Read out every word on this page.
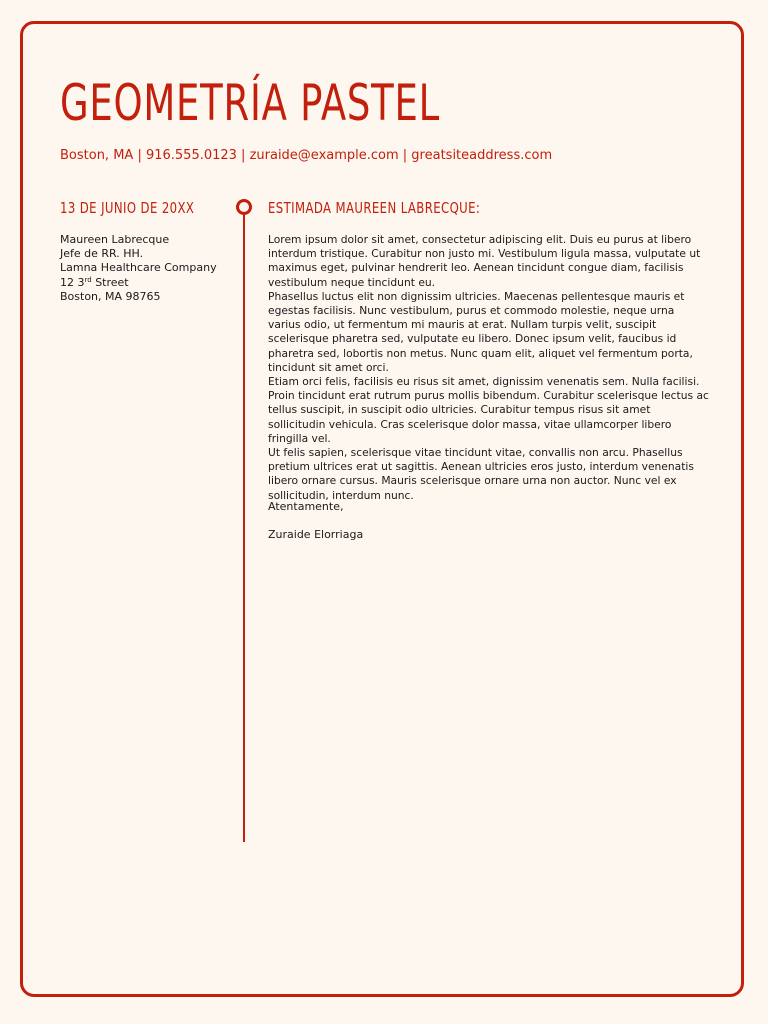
GEOMETRÍA PASTEL
Boston, MA | 916.555.0123 | zuraide@example.com | greatsiteaddress.com
13 DE JUNIO DE 20XX
Maureen Labrecque
Jefe de RR. HH.
Lamna Healthcare Company
12 3rd Street
Boston, MA 98765
ESTIMADA MAUREEN LABRECQUE:

Lorem ipsum dolor sit amet, consectetur adipiscing elit. Duis eu purus at libero interdum tristique. Curabitur non justo mi. Vestibulum ligula massa, vulputate ut maximus eget, pulvinar hendrerit leo. Aenean tincidunt congue diam, facilisis vestibulum neque tincidunt eu.

Phasellus luctus elit non dignissim ultricies. Maecenas pellentesque mauris et egestas facilisis. Nunc vestibulum, purus et commodo molestie, neque urna varius odio, ut fermentum mi mauris at erat. Nullam turpis velit, suscipit scelerisque pharetra sed, vulputate eu libero. Donec ipsum velit, faucibus id pharetra sed, lobortis non metus. Nunc quam elit, aliquet vel fermentum porta, tincidunt sit amet orci.

Etiam orci felis, facilisis eu risus sit amet, dignissim venenatis sem. Nulla facilisi. Proin tincidunt erat rutrum purus mollis bibendum. Curabitur scelerisque lectus ac tellus suscipit, in suscipit odio ultricies. Curabitur tempus risus sit amet sollicitudin vehicula. Cras scelerisque dolor massa, vitae ullamcorper libero fringilla vel.

Ut felis sapien, scelerisque vitae tincidunt vitae, convallis non arcu. Phasellus pretium ultrices erat ut sagittis. Aenean ultricies eros justo, interdum venenatis libero ornare cursus. Mauris scelerisque ornare urna non auctor. Nunc vel ex sollicitudin, interdum nunc.

Atentamente,
Zuraide Elorriaga
